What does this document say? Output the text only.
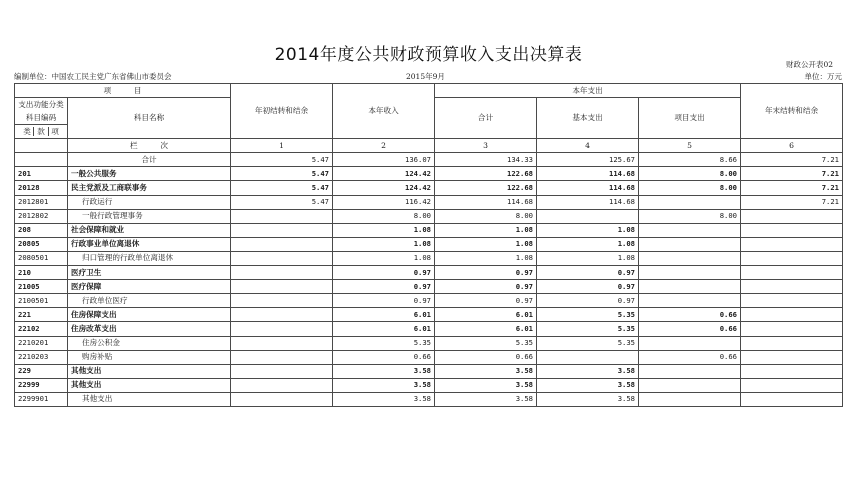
2014年度公共财政预算收入支出决算表	财政公开表02
编制单位：中国农工民主党广东省佛山市委员会	2015年9月	单位：万元
项　　　目		年初结转和结余	本年收入	本年支出			年末结转和结余
支出功能分类科目编码	科目名称			合计	基本支出	项目支出	

类 款 项							
	栏　　　次	1	2	3	4	5	6
	合计	5.47	136.07	134.33	125.67	8.66	7.21
201	一般公共服务	5.47	124.42	122.68	114.68	8.00	7.21
20128	民主党派及工商联事务	5.47	124.42	122.68	114.68	8.00	7.21
2012801	行政运行	5.47	116.42	114.68	114.68		7.21
2012802	一般行政管理事务		8.00	8.00		8.00	
208	社会保障和就业		1.08	1.08	1.08		
20805	行政事业单位离退休		1.08	1.08	1.08		
2080501	归口管理的行政单位离退休		1.08	1.08	1.08		
210	医疗卫生		0.97	0.97	0.97		
21005	医疗保障		0.97	0.97	0.97		
2100501	行政单位医疗		0.97	0.97	0.97		
221	住房保障支出		6.01	6.01	5.35	0.66	
22102	住房改革支出		6.01	6.01	5.35	0.66	
2210201	住房公积金		5.35	5.35	5.35		
2210203	购房补贴		0.66	0.66		0.66	
229	其他支出		3.58	3.58	3.58		
22999	其他支出		3.58	3.58	3.58		
2299901	其他支出		3.58	3.58	3.58		
